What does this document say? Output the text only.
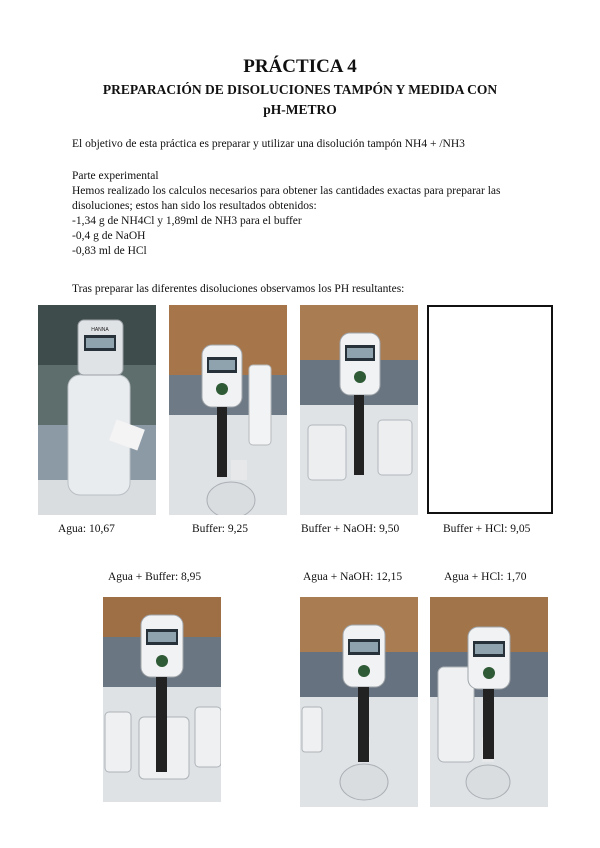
PRÁCTICA 4
PREPARACIÓN DE DISOLUCIONES TAMPÓN Y MEDIDA CON
pH-METRO
El objetivo de esta práctica es preparar y utilizar una disolución tampón NH4 + /NH3
Parte experimental
Hemos realizado los calculos necesarios para obtener las cantidades exactas para preparar las
disoluciones; estos han sido los resultados obtenidos:
-1,34 g de NH4Cl y 1,89ml de NH3 para el buffer
-0,4 g de NaOH
-0,83 ml de HCl
Tras preparar las diferentes disoluciones observamos los PH resultantes:
HANNA
Agua: 10,67	Buffer: 9,25	Buffer + NaOH: 9,50	Buffer + HCl: 9,05
Agua + Buffer: 8,95	Agua + NaOH: 12,15	Agua + HCl: 1,70
